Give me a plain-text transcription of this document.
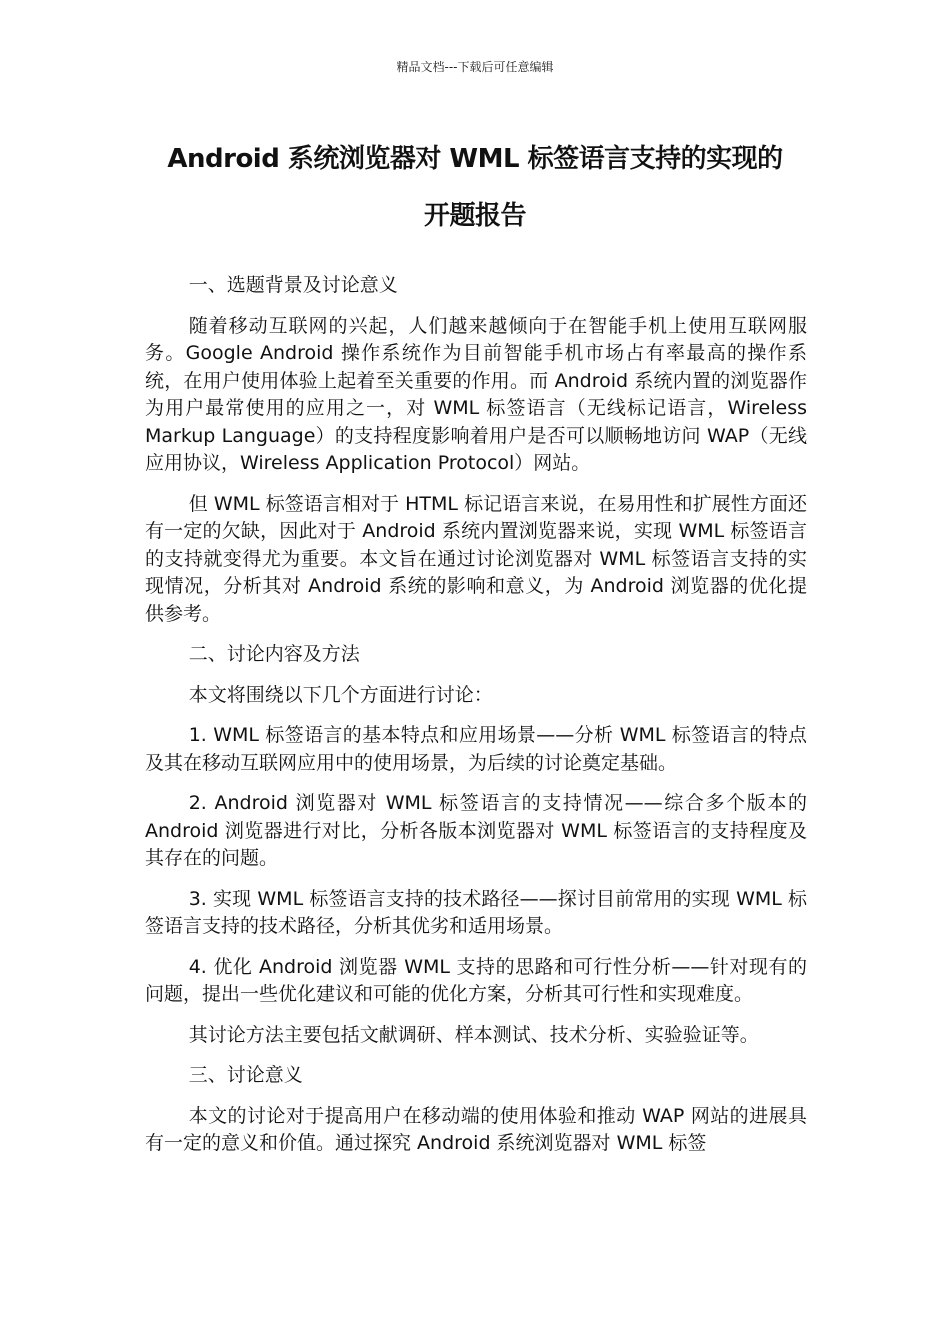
精品文档---下载后可任意编辑
Android 系统浏览器对 WML 标签语言支持的实现的
开题报告

一、选题背景及讨论意义

随着移动互联网的兴起，人们越来越倾向于在智能手机上使用互联网服务。Google Android 操作系统作为目前智能手机市场占有率最高的操作系统，在用户使用体验上起着至关重要的作用。而 Android 系统内置的浏览器作为用户最常使用的应用之一，对 WML 标签语言（无线标记语言，Wireless Markup Language）的支持程度影响着用户是否可以顺畅地访问 WAP（无线应用协议，Wireless Application Protocol）网站。

但 WML 标签语言相对于 HTML 标记语言来说，在易用性和扩展性方面还有一定的欠缺，因此对于 Android 系统内置浏览器来说，实现 WML 标签语言的支持就变得尤为重要。本文旨在通过讨论浏览器对 WML 标签语言支持的实现情况，分析其对 Android 系统的影响和意义，为 Android 浏览器的优化提供参考。

二、讨论内容及方法

本文将围绕以下几个方面进行讨论：

1. WML 标签语言的基本特点和应用场景——分析 WML 标签语言的特点及其在移动互联网应用中的使用场景，为后续的讨论奠定基础。

2. Android 浏览器对 WML 标签语言的支持情况——综合多个版本的 Android 浏览器进行对比，分析各版本浏览器对 WML 标签语言的支持程度及其存在的问题。

3. 实现 WML 标签语言支持的技术路径——探讨目前常用的实现 WML 标签语言支持的技术路径，分析其优劣和适用场景。

4. 优化 Android 浏览器 WML 支持的思路和可行性分析——针对现有的问题，提出一些优化建议和可能的优化方案，分析其可行性和实现难度。

其讨论方法主要包括文献调研、样本测试、技术分析、实验验证等。

三、讨论意义

本文的讨论对于提高用户在移动端的使用体验和推动 WAP 网站的进展具有一定的意义和价值。通过探究 Android 系统浏览器对 WML 标签
